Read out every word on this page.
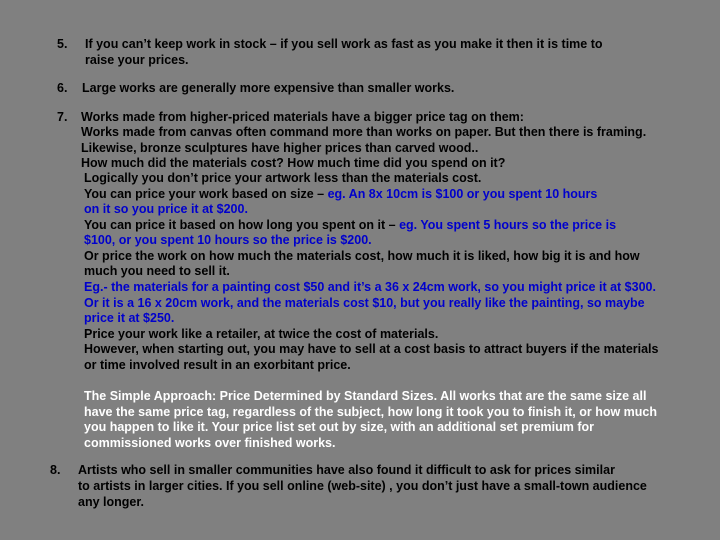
5. If you can’t keep work in stock – if you sell work as fast as you make it then it is time to
raise your prices.
6. Large works are generally more expensive than smaller works.
7. Works made from higher-priced materials have a bigger price tag on them:
Works made from canvas often command more than works on paper. But then there is framing.
Likewise, bronze sculptures have higher prices than carved wood..
How much did the materials cost? How much time did you spend on it?
Logically you don’t price your artwork less than the materials cost.
You can price your work based on size – eg. An 8x 10cm is $100 or you spent 10 hours
on it so you price it at $200.
You can price it based on how long you spent on it – eg. You spent 5 hours so the price is
$100, or you spent 10 hours so the price is $200.
Or price the work on how much the materials cost, how much it is liked, how big it is and how
much you need to sell it.
Eg.- the materials for a painting cost $50 and it’s a 36 x 24cm work, so you might price it at $300.
Or it is a 16 x 20cm work, and the materials cost $10, but you really like the painting, so maybe
price it at $250.
Price your work like a retailer, at twice the cost of materials.
However, when starting out, you may have to sell at a cost basis to attract buyers if the materials
or time involved result in an exorbitant price.
The Simple Approach: Price Determined by Standard Sizes. All works that are the same size all
have the same price tag, regardless of the subject, how long it took you to finish it, or how much
you happen to like it. Your price list set out by size, with an additional set premium for
commissioned works over finished works.
8. Artists who sell in smaller communities have also found it difficult to ask for prices similar
to artists in larger cities. If you sell online (web-site) , you don’t just have a small-town audience
any longer.
